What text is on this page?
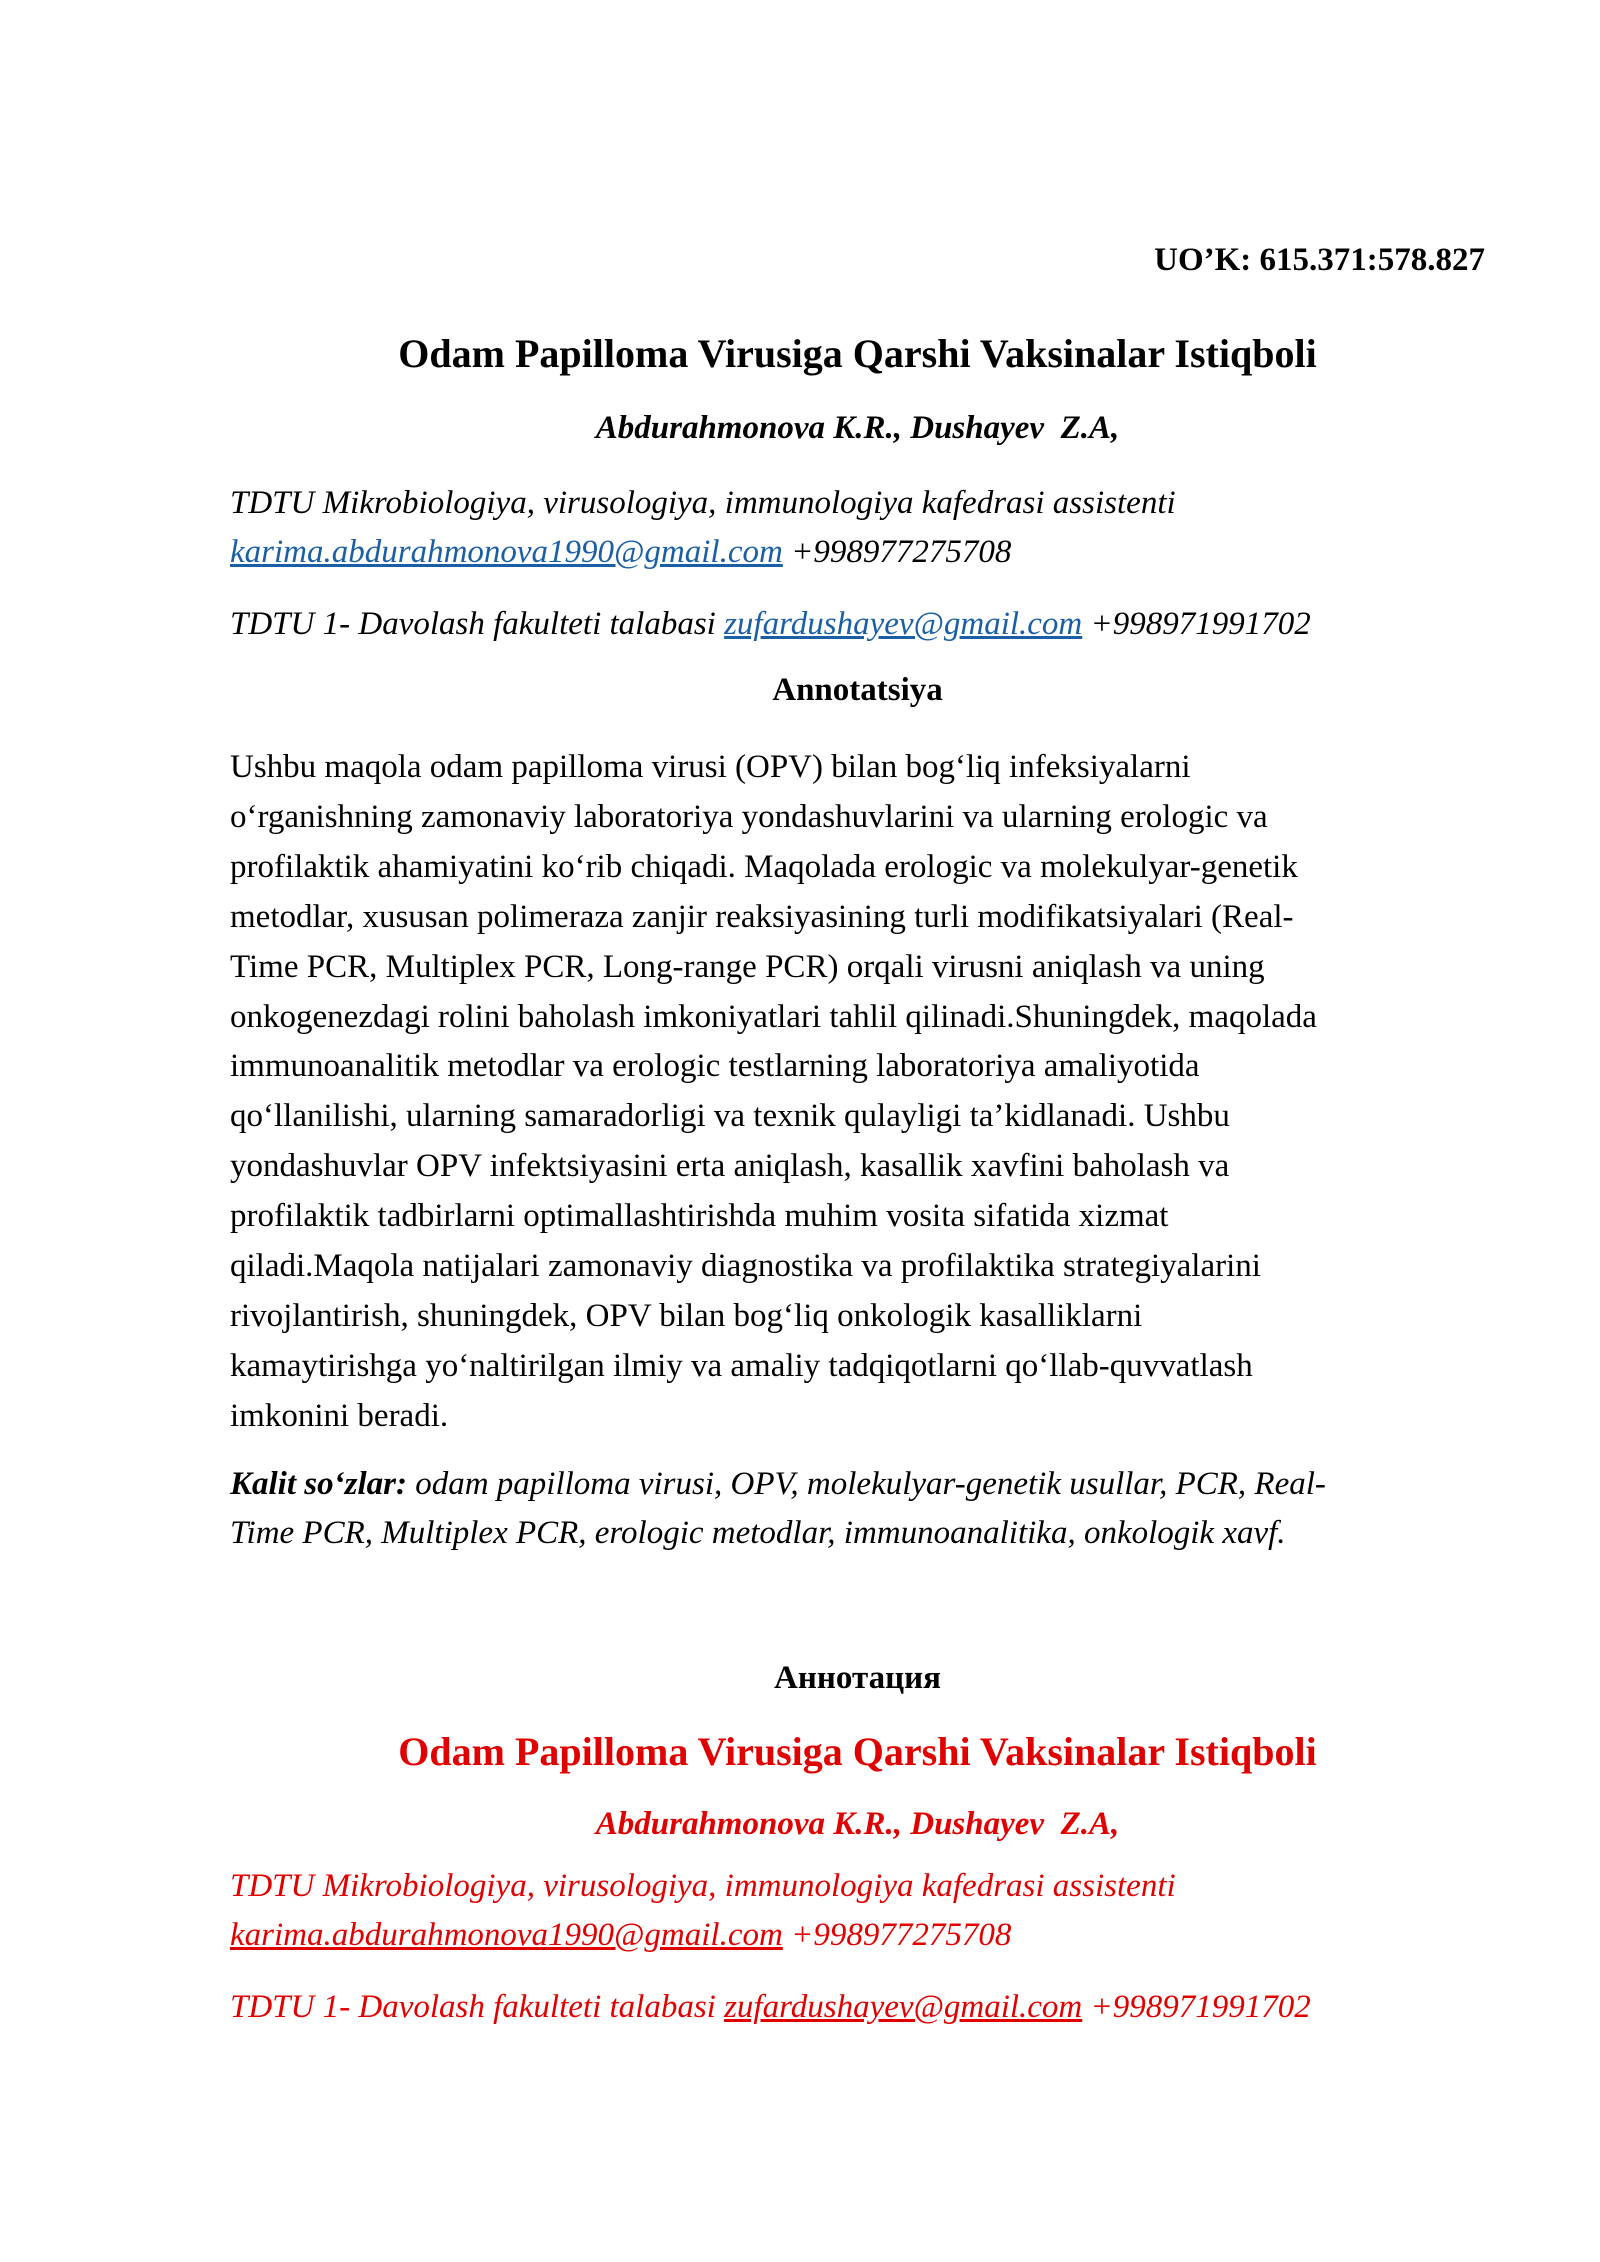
UO’K: 615.371:578.827
Odam Papilloma Virusiga Qarshi Vaksinalar Istiqboli
Abdurahmonova K.R., Dushayev  Z.A,
TDTU Mikrobiologiya, virusologiya, immunologiya kafedrasi assistenti
karima.abdurahmonova1990@gmail.com +998977275708
TDTU 1- Davolash fakulteti talabasi zufardushayev@gmail.com +998971991702
Annotatsiya
Ushbu maqola odam papilloma virusi (OPV) bilan bog‘liq infeksiyalarni
o‘rganishning zamonaviy laboratoriya yondashuvlarini va ularning erologic va
profilaktik ahamiyatini ko‘rib chiqadi. Maqolada erologic va molekulyar-genetik
metodlar, xususan polimeraza zanjir reaksiyasining turli modifikatsiyalari (Real-
Time PCR, Multiplex PCR, Long-range PCR) orqali virusni aniqlash va uning
onkogenezdagi rolini baholash imkoniyatlari tahlil qilinadi.Shuningdek, maqolada
immunoanalitik metodlar va erologic testlarning laboratoriya amaliyotida
qo‘llanilishi, ularning samaradorligi va texnik qulayligi ta’kidlanadi. Ushbu
yondashuvlar OPV infektsiyasini erta aniqlash, kasallik xavfini baholash va
profilaktik tadbirlarni optimallashtirishda muhim vosita sifatida xizmat
qiladi.Maqola natijalari zamonaviy diagnostika va profilaktika strategiyalarini
rivojlantirish, shuningdek, OPV bilan bog‘liq onkologik kasalliklarni
kamaytirishga yo‘naltirilgan ilmiy va amaliy tadqiqotlarni qo‘llab-quvvatlash
imkonini beradi.
Kalit so‘zlar: odam papilloma virusi, OPV, molekulyar-genetik usullar, PCR, Real-
Time PCR, Multiplex PCR, erologic metodlar, immunoanalitika, onkologik xavf.
Аннотация
Odam Papilloma Virusiga Qarshi Vaksinalar Istiqboli
Abdurahmonova K.R., Dushayev  Z.A,
TDTU Mikrobiologiya, virusologiya, immunologiya kafedrasi assistenti
karima.abdurahmonova1990@gmail.com +998977275708
TDTU 1- Davolash fakulteti talabasi zufardushayev@gmail.com +998971991702
